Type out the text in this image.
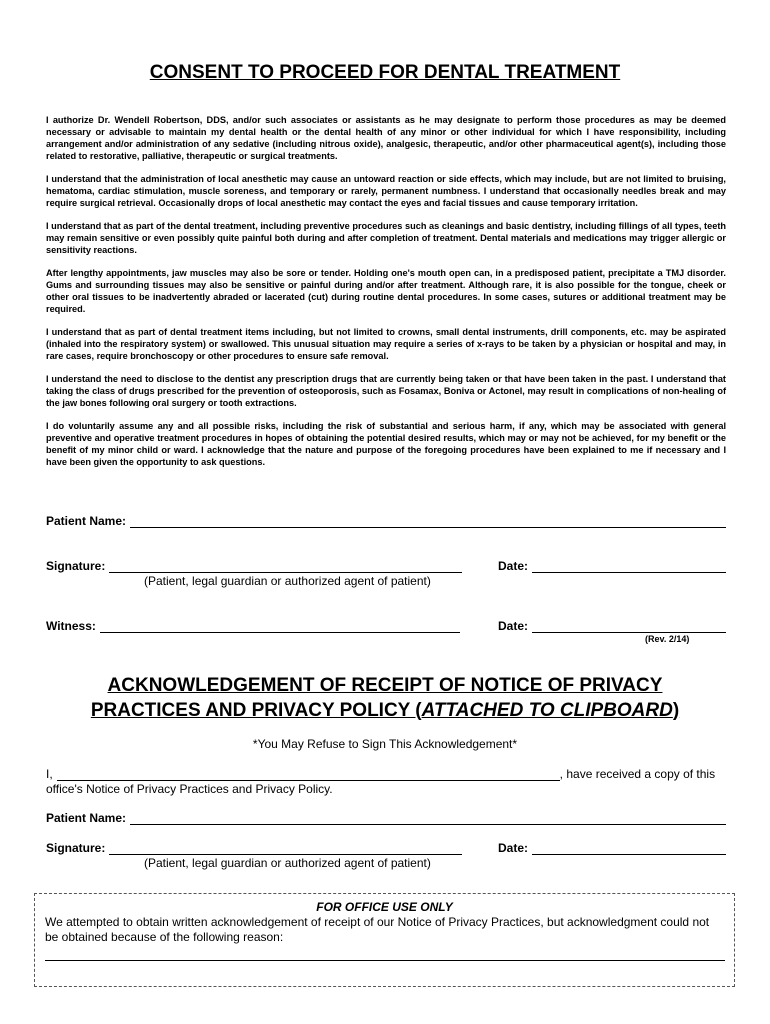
CONSENT TO PROCEED FOR DENTAL TREATMENT

I authorize Dr. Wendell Robertson, DDS, and/or such associates or assistants as he may designate to perform those procedures as may be deemed necessary or advisable to maintain my dental health or the dental health of any minor or other individual for which I have responsibility, including arrangement and/or administration of any sedative (including nitrous oxide), analgesic, therapeutic, and/or other pharmaceutical agent(s), including those related to restorative, palliative, therapeutic or surgical treatments.

I understand that the administration of local anesthetic may cause an untoward reaction or side effects, which may include, but are not limited to bruising, hematoma, cardiac stimulation, muscle soreness, and temporary or rarely, permanent numbness. I understand that occasionally needles break and may require surgical retrieval. Occasionally drops of local anesthetic may contact the eyes and facial tissues and cause temporary irritation.

I understand that as part of the dental treatment, including preventive procedures such as cleanings and basic dentistry, including fillings of all types, teeth may remain sensitive or even possibly quite painful both during and after completion of treatment. Dental materials and medications may trigger allergic or sensitivity reactions.

After lengthy appointments, jaw muscles may also be sore or tender. Holding one's mouth open can, in a predisposed patient, precipitate a TMJ disorder. Gums and surrounding tissues may also be sensitive or painful during and/or after treatment. Although rare, it is also possible for the tongue, cheek or other oral tissues to be inadvertently abraded or lacerated (cut) during routine dental procedures. In some cases, sutures or additional treatment may be required.

I understand that as part of dental treatment items including, but not limited to crowns, small dental instruments, drill components, etc. may be aspirated (inhaled into the respiratory system) or swallowed. This unusual situation may require a series of x-rays to be taken by a physician or hospital and may, in rare cases, require bronchoscopy or other procedures to ensure safe removal.

I understand the need to disclose to the dentist any prescription drugs that are currently being taken or that have been taken in the past. I understand that taking the class of drugs prescribed for the prevention of osteoporosis, such as Fosamax, Boniva or Actonel, may result in complications of non-healing of the jaw bones following oral surgery or tooth extractions.

I do voluntarily assume any and all possible risks, including the risk of substantial and serious harm, if any, which may be associated with general preventive and operative treatment procedures in hopes of obtaining the potential desired results, which may or may not be achieved, for my benefit or the benefit of my minor child or ward. I acknowledge that the nature and purpose of the foregoing procedures have been explained to me if necessary and I have been given the opportunity to ask questions.

Patient Name:
Signature:	Date:
(Patient, legal guardian or authorized agent of patient)
Witness:	Date:
(Rev. 2/14)
ACKNOWLEDGEMENT OF RECEIPT OF NOTICE OF PRIVACY
PRACTICES AND PRIVACY POLICY (ATTACHED TO CLIPBOARD)
*You May Refuse to Sign This Acknowledgement*
I,	, have received a copy of this
office's Notice of Privacy Practices and Privacy Policy.
Patient Name:
Signature:	Date:
(Patient, legal guardian or authorized agent of patient)
FOR OFFICE USE ONLY
We attempted to obtain written acknowledgement of receipt of our Notice of Privacy Practices, but acknowledgment could not be obtained because of the following reason:
